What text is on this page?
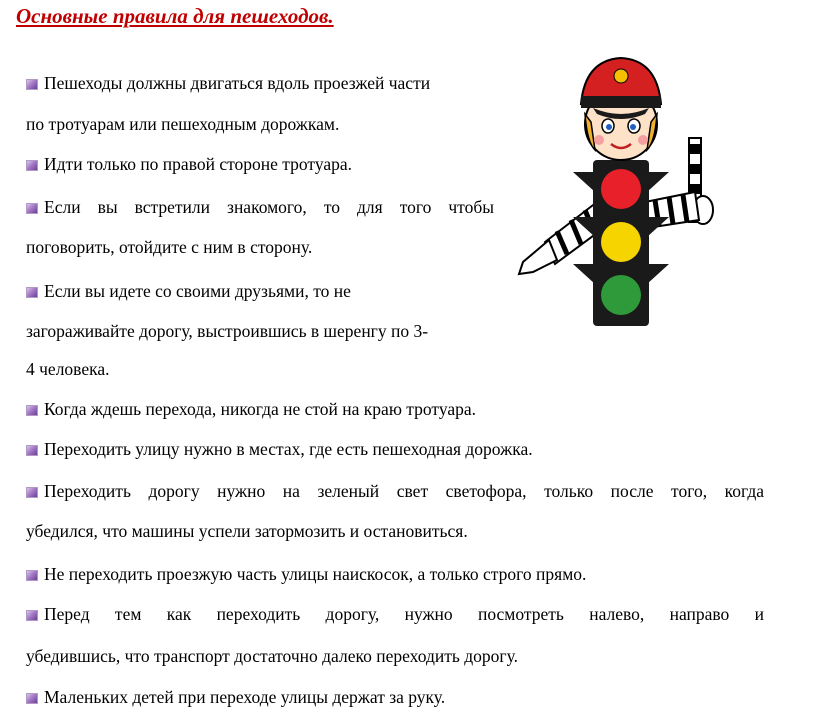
Основные правила для пешеходов.
Пешеходы должны двигаться вдоль проезжей части
по тротуарам или пешеходным дорожкам.
Идти только по правой стороне тротуара.
Если вы встретили знакомого, то для того чтобы
поговорить, отойдите с ним в сторону.
Если вы идете со своими друзьями, то не
загораживайте дорогу, выстроившись в шеренгу по 3-
4 человека.
Когда ждешь перехода, никогда не стой на краю тротуара.
Переходить улицу нужно в местах, где есть пешеходная дорожка.
Переходить дорогу нужно на зеленый свет светофора, только после того, когда
убедился, что машины успели затормозить и остановиться.
Не переходить проезжую часть улицы наискосок, а только строго прямо.
Перед тем как переходить дорогу, нужно посмотреть налево, направо и
убедившись, что транспорт достаточно далеко переходить дорогу.
Маленьких детей при переходе улицы держат за руку.
